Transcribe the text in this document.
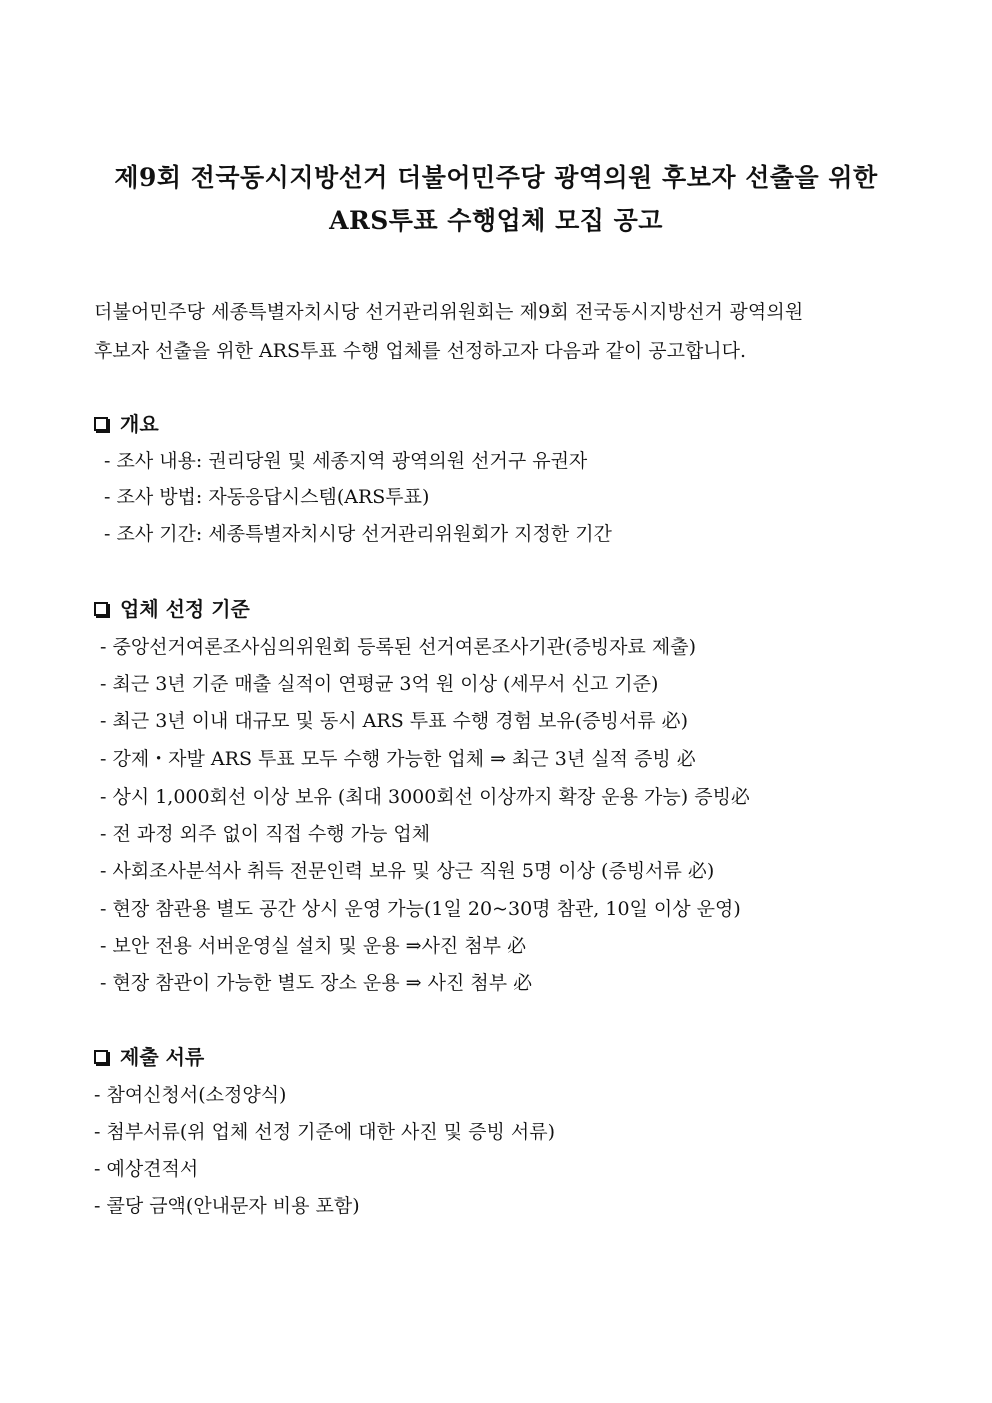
제9회 전국동시지방선거 더불어민주당 광역의원 후보자 선출을 위한
ARS투표 수행업체 모집 공고
더불어민주당 세종특별자치시당 선거관리위원회는 제9회 전국동시지방선거 광역의원
후보자 선출을 위한 ARS투표 수행 업체를 선정하고자 다음과 같이 공고합니다.
개요
- 조사 내용: 권리당원 및 세종지역 광역의원 선거구 유권자
- 조사 방법: 자동응답시스템(ARS투표)
- 조사 기간: 세종특별자치시당 선거관리위원회가 지정한 기간
업체 선정 기준
- 중앙선거여론조사심의위원회 등록된 선거여론조사기관(증빙자료 제출)
- 최근 3년 기준 매출 실적이 연평균 3억 원 이상 (세무서 신고 기준)
- 최근 3년 이내 대규모 및 동시 ARS 투표 수행 경험 보유(증빙서류 必)
- 강제・자발 ARS 투표 모두 수행 가능한 업체 ⇒ 최근 3년 실적 증빙 必
- 상시 1,000회선 이상 보유 (최대 3000회선 이상까지 확장 운용 가능) 증빙必
- 전 과정 외주 없이 직접 수행 가능 업체
- 사회조사분석사 취득 전문인력 보유 및 상근 직원 5명 이상 (증빙서류 必)
- 현장 참관용 별도 공간 상시 운영 가능(1일 20~30명 참관, 10일 이상 운영)
- 보안 전용 서버운영실 설치 및 운용 ⇒사진 첨부 必
- 현장 참관이 가능한 별도 장소 운용 ⇒ 사진 첨부 必
제출 서류
- 참여신청서(소정양식)
- 첨부서류(위 업체 선정 기준에 대한 사진 및 증빙 서류)
- 예상견적서
- 콜당 금액(안내문자 비용 포함)
